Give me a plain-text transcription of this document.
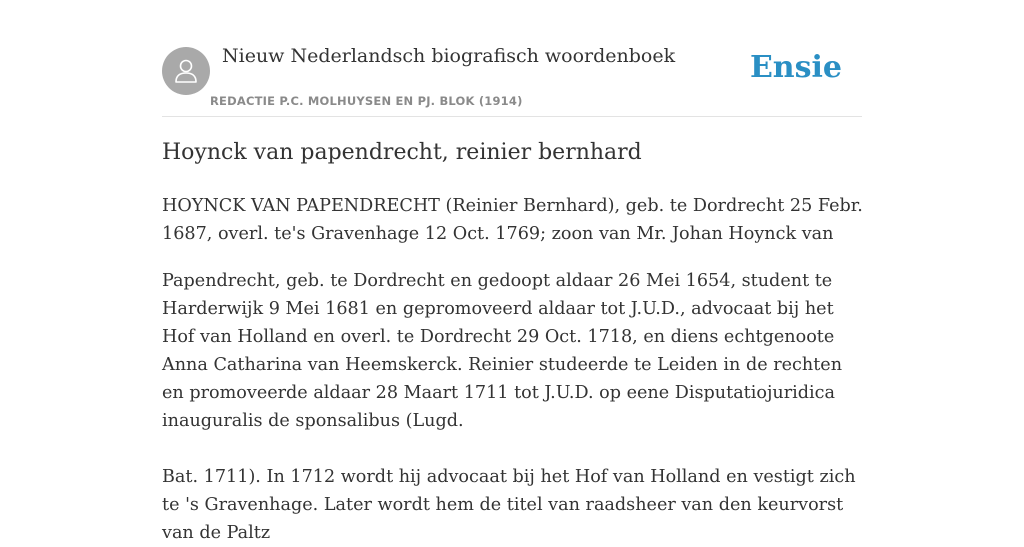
Nieuw Nederlandsch biografisch woordenboek
REDACTIE P.C. MOLHUYSEN EN PJ. BLOK (1914)
Ensie
Hoynck van papendrecht, reinier bernhard

HOYNCK VAN PAPENDRECHT (Reinier Bernhard), geb. te Dordrecht 25 Febr. 1687, overl. te's Gravenhage 12 Oct. 1769; zoon van Mr. Johan Hoynck van

Papendrecht, geb. te Dordrecht en gedoopt aldaar 26 Mei 1654, student te Harderwijk 9 Mei 1681 en gepromoveerd aldaar tot J.U.D., advocaat bij het Hof van Holland en overl. te Dordrecht 29 Oct. 1718, en diens echtgenoote Anna Catharina van Heemskerck. Reinier studeerde te Leiden in de rechten en promoveerde aldaar 28 Maart 1711 tot J.U.D. op eene Disputatiojuridica inauguralis de sponsalibus (Lugd.

Bat. 1711). In 1712 wordt hij advocaat bij het Hof van Holland en vestigt zich te 's Gravenhage. Later wordt hem de titel van raadsheer van den keurvorst van de Paltz
